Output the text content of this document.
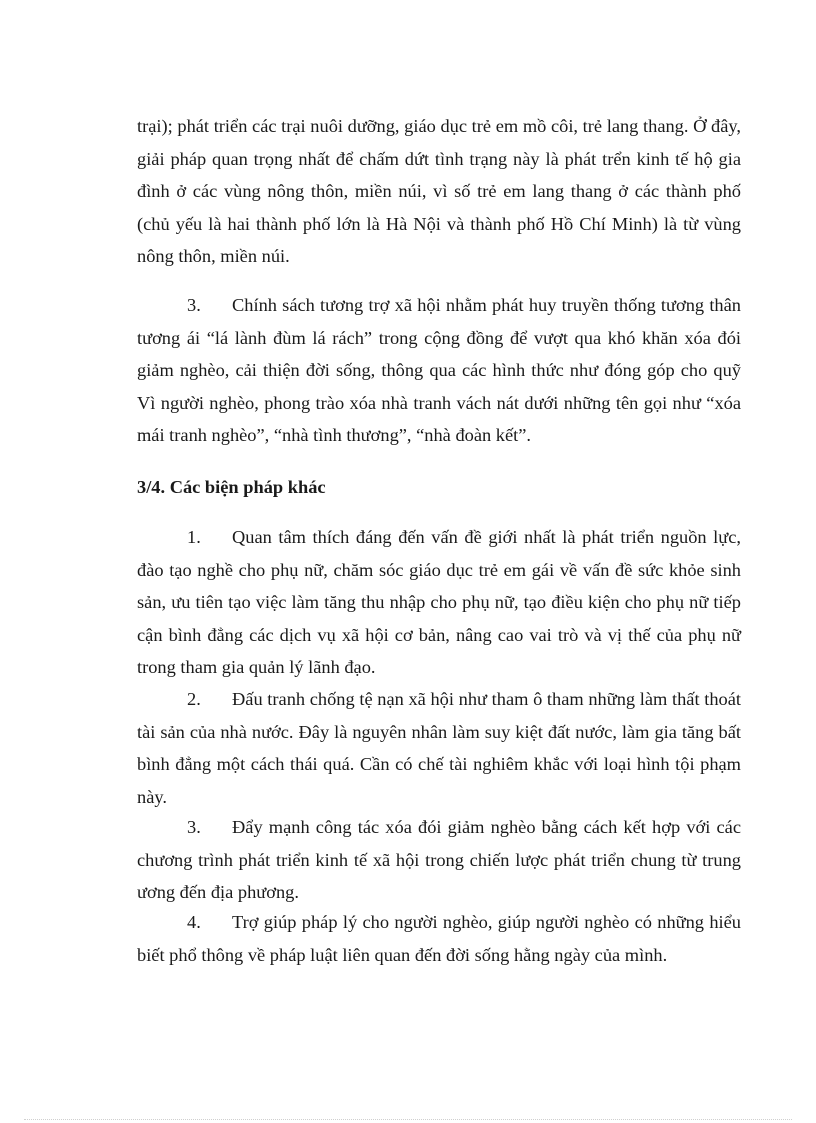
trại); phát triển các trại nuôi dưỡng, giáo dục trẻ em mồ côi, trẻ lang thang. Ở đây, giải pháp quan trọng nhất để chấm dứt tình trạng này là phát trển kinh tế hộ gia đình ở các vùng nông thôn, miền núi, vì số trẻ em lang thang ở các thành phố (chủ yếu là hai thành phố lớn là Hà Nội và thành phố Hồ Chí Minh) là từ vùng nông thôn, miền núi.

3. Chính sách tương trợ xã hội nhằm phát huy truyền thống tương thân tương ái “lá lành đùm lá rách” trong cộng đồng để vượt qua khó khăn xóa đói giảm nghèo, cải thiện đời sống, thông qua các hình thức như đóng góp cho quỹ Vì người nghèo, phong trào xóa nhà tranh vách nát dưới những tên gọi như “xóa mái tranh nghèo”, “nhà tình thương”, “nhà đoàn kết”.

3/4. Các biện pháp khác

1. Quan tâm thích đáng đến vấn đề giới nhất là phát triển nguồn lực, đào tạo nghề cho phụ nữ, chăm sóc giáo dục trẻ em gái về vấn đề sức khỏe sinh sản, ưu tiên tạo việc làm tăng thu nhập cho phụ nữ, tạo điều kiện cho phụ nữ tiếp cận bình đẳng các dịch vụ xã hội cơ bản, nâng cao vai trò và vị thế của phụ nữ trong tham gia quản lý lãnh đạo.

2. Đấu tranh chống tệ nạn xã hội như tham ô tham những làm thất thoát tài sản của nhà nước. Đây là nguyên nhân làm suy kiệt đất nước, làm gia tăng bất bình đẳng một cách thái quá. Cần có chế tài nghiêm khắc với loại hình tội phạm này.

3. Đẩy mạnh công tác xóa đói giảm nghèo bằng cách kết hợp với các chương trình phát triển kinh tế xã hội trong chiến lược phát triển chung từ trung ương đến địa phương.

4. Trợ giúp pháp lý cho người nghèo, giúp người nghèo có những hiểu biết phổ thông về pháp luật liên quan đến đời sống hằng ngày của mình.
